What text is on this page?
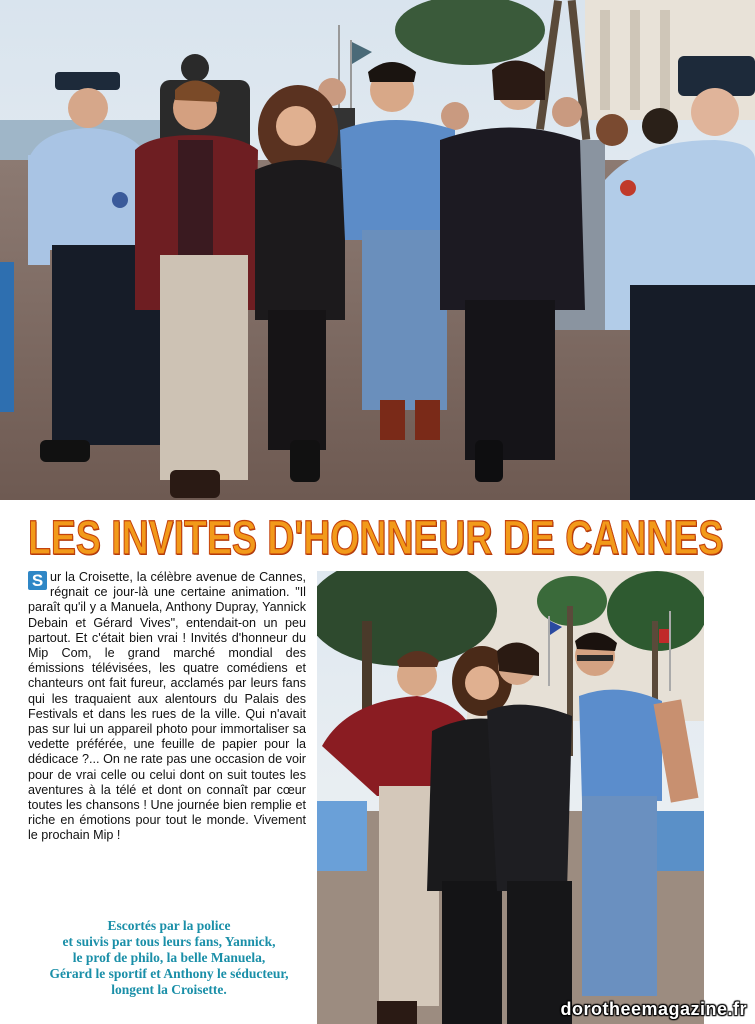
LES INVITES D'HONNEUR DE CANNES
S ur la Croisette, la célèbre avenue de Cannes, régnait ce jour-là une certaine animation. "Il paraît qu'il y a Manuela, Anthony Dupray, Yannick Debain et Gérard Vives", entendait-on un peu partout. Et c'était bien vrai ! Invités d'honneur du Mip Com, le grand marché mondial des émissions télévisées, les quatre comédiens et chanteurs ont fait fureur, acclamés par leurs fans qui les traquaient aux alentours du Palais des Festivals et dans les rues de la ville. Qui n'avait pas sur lui un appareil photo pour immortaliser sa vedette préférée, une feuille de papier pour la dédicace ?... On ne rate pas une occasion de voir pour de vrai celle ou celui dont on suit toutes les aventures à la télé et dont on connaît par cœur toutes les chansons ! Une journée bien remplie et riche en émotions pour tout le monde. Vivement le prochain Mip !
Escortés par la police
et suivis par tous leurs fans, Yannick,
le prof de philo, la belle Manuela,
Gérard le sportif et Anthony le séducteur,
longent la Croisette.
dorotheemagazine.fr
